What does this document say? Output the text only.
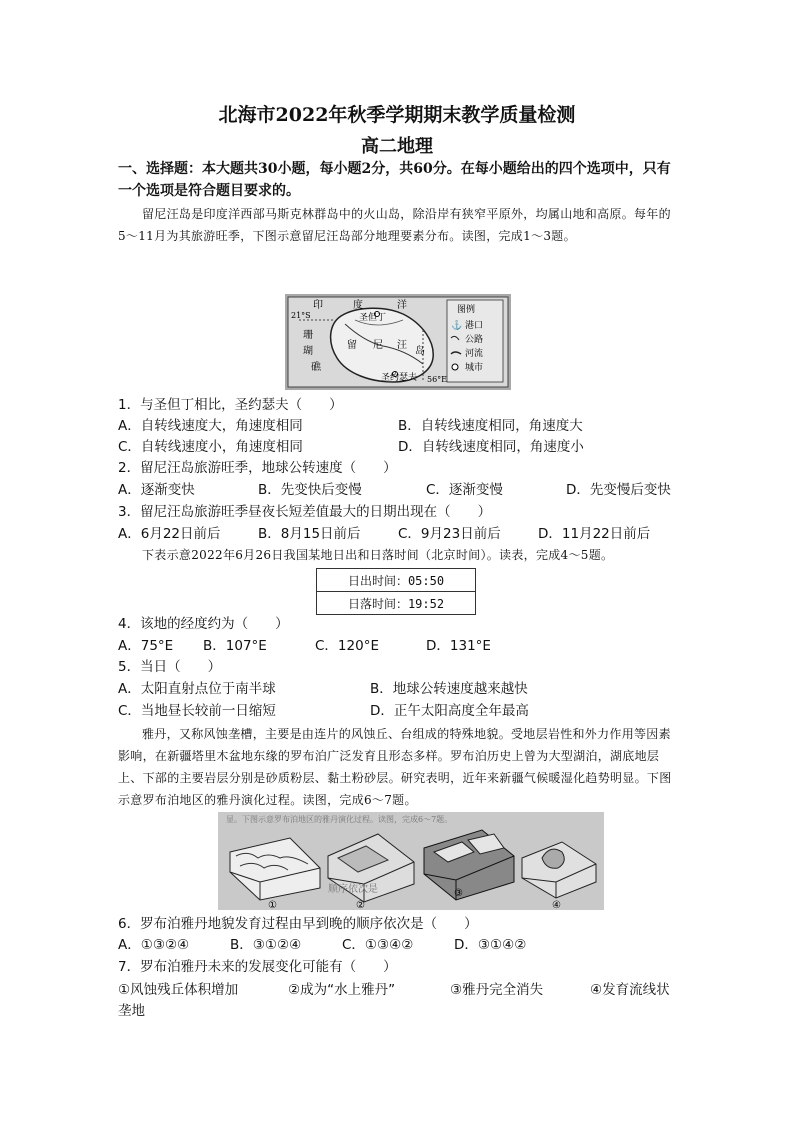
北海市2022年秋季学期期末教学质量检测
高二地理
一、选择题：本大题共30小题，每小题2分，共60分。在每小题给出的四个选项中，只有一个选项是符合题目要求的。
留尼汪岛是印度洋西部马斯克林群岛中的火山岛，除沿岸有狭窄平原外，均属山地和高原。每年的5～11月为其旅游旺季，下图示意留尼汪岛部分地理要素分布。读图，完成1～3题。
印	度	洋
圣但丁
圣约瑟夫
留 尼 汪
岛
珊
瑚
礁
21°S
56°E
图例
⚓ 港口
公路
河流
城市
1．与圣但丁相比，圣约瑟夫（　　）
A．自转线速度大，角速度相同	B．自转线速度相同，角速度大
C．自转线速度小，角速度相同	D．自转线速度相同，角速度小
2．留尼汪岛旅游旺季，地球公转速度（　　）
A．逐渐变快	B．先变快后变慢	C．逐渐变慢	D．先变慢后变快
3．留尼汪岛旅游旺季昼夜长短差值最大的日期出现在（　　）
A．6月22日前后	B．8月15日前后	C．9月23日前后	D．11月22日前后
下表示意2022年6月26日我国某地日出和日落时间（北京时间）。读表，完成4～5题。
日出时间：05:50
日落时间：19:52
4．该地的经度约为（　　）
A．75°E B．107°E	C．120°E	D．131°E
5．当日（　　）
A．太阳直射点位于南半球	B．地球公转速度越来越快
C．当地昼长较前一日缩短	D．正午太阳高度全年最高
雅丹，又称风蚀垄槽，主要是由连片的风蚀丘、台组成的特殊地貌。受地层岩性和外力作用等因素影响，在新疆塔里木盆地东缘的罗布泊广泛发育且形态多样。罗布泊历史上曾为大型湖泊，湖底地层上、下部的主要岩层分别是砂质粉层、黏土粉砂层。研究表明，近年来新疆气候暖湿化趋势明显。下图示意罗布泊地区的雅丹演化过程。读图，完成6～7题。
显。下图示意罗布泊地区的雅丹演化过程。读图，完成6～7题。
顺序依次是
①	②
③
④
6．罗布泊雅丹地貌发育过程由早到晚的顺序依次是（　　）
A．①③②④	B．③①②④	C．①③④②	D．③①④②
7．罗布泊雅丹未来的发展变化可能有（　　）
①风蚀残丘体积增加	②成为“水上雅丹”	③雅丹完全消失	④发育流线状
垄地
